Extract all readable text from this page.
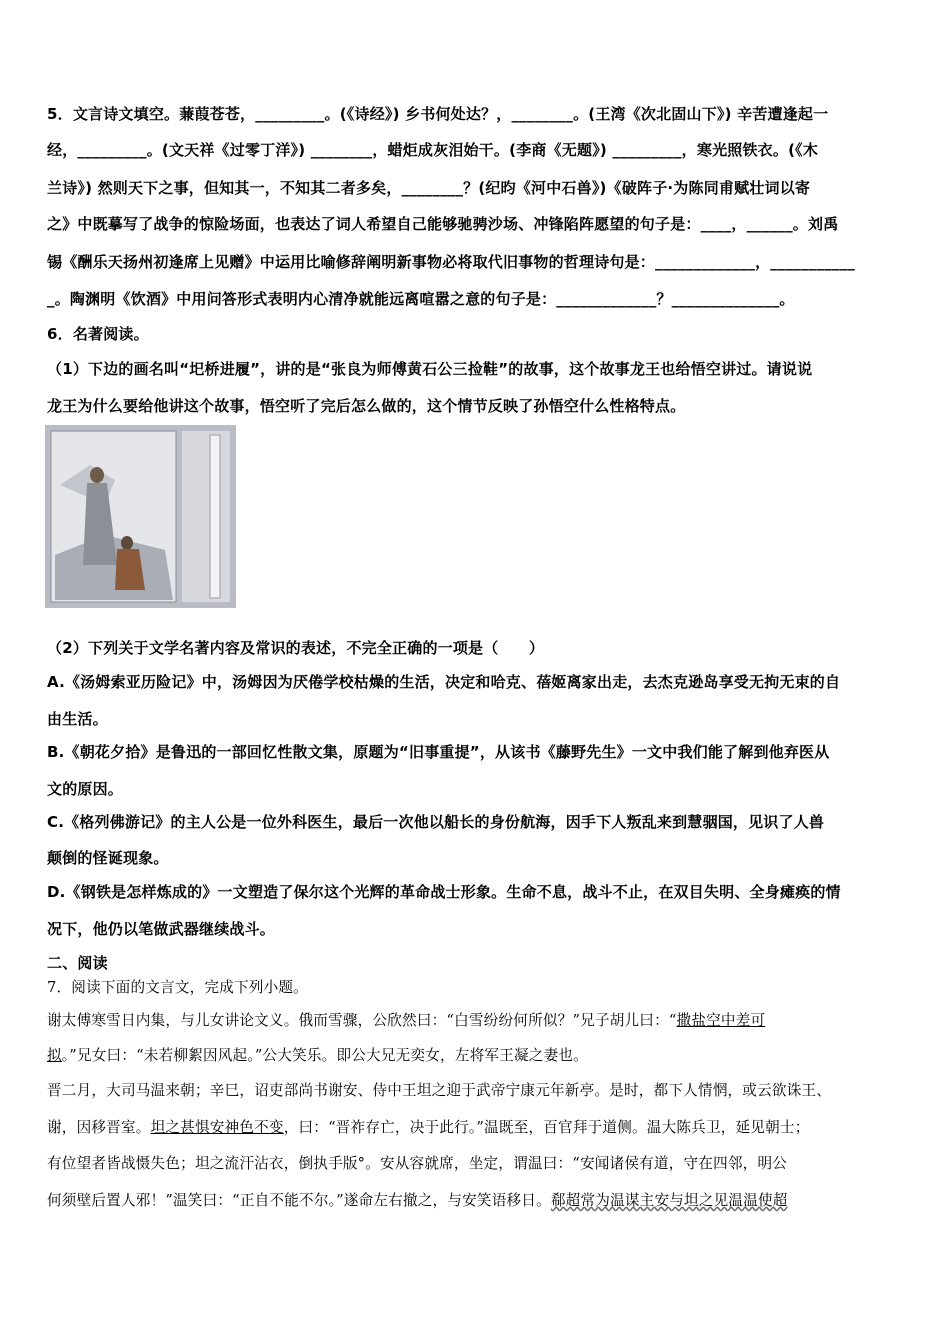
5．文言诗文填空。蒹葭苍苍，_________。(《诗经》) 乡书何处达？，________。(王湾《次北固山下》) 辛苦遭逢起一
经，_________。(文天祥《过零丁洋》) ________，蜡炬成灰泪始干。(李商《无题》) _________，寒光照铁衣。(《木
兰诗》) 然则天下之事，但知其一，不知其二者多矣，________？(纪昀《河中石兽》)《破阵子·为陈同甫赋壮词以寄
之》中既摹写了战争的惊险场面，也表达了词人希望自己能够驰骋沙场、冲锋陷阵愿望的句子是：____，______。刘禹
锡《酬乐天扬州初逢席上见赠》中运用比喻修辞阐明新事物必将取代旧事物的哲理诗句是：_____________，___________
_。陶渊明《饮酒》中用问答形式表明内心清净就能远离喧嚣之意的句子是：_____________？______________。
6．名著阅读。
（1）下边的画名叫“圯桥进履”，讲的是“张良为师傅黄石公三捡鞋”的故事，这个故事龙王也给悟空讲过。请说说
龙王为什么要给他讲这个故事，悟空听了完后怎么做的，这个情节反映了孙悟空什么性格特点。
（2）下列关于文学名著内容及常识的表述，不完全正确的一项是（　　）
A.《汤姆索亚历险记》中，汤姆因为厌倦学校枯燥的生活，决定和哈克、蓓姬离家出走，去杰克逊岛享受无拘无束的自
由生活。
B.《朝花夕拾》是鲁迅的一部回忆性散文集，原题为“旧事重提”，从该书《藤野先生》一文中我们能了解到他弃医从
文的原因。
C.《格列佛游记》的主人公是一位外科医生，最后一次他以船长的身份航海，因手下人叛乱来到慧骃国，见识了人兽
颠倒的怪诞现象。
D.《钢铁是怎样炼成的》一文塑造了保尔这个光辉的革命战士形象。生命不息，战斗不止，在双目失明、全身瘫痪的情
况下，他仍以笔做武器继续战斗。
二、阅读
7．阅读下面的文言文，完成下列小题。
谢太傅寒雪日内集，与儿女讲论文义。俄而雪骤，公欣然曰：“白雪纷纷何所似？”兄子胡儿曰：“撒盐空中差可
拟。”兄女曰：“未若柳絮因风起。”公大笑乐。即公大兄无奕女，左将军王凝之妻也。
晋二月，大司马温来朝；辛巳，诏吏部尚书谢安、侍中王坦之迎于武帝宁康元年新亭。是时，都下人情惘，或云欲诛王、
谢，因移晋室。坦之甚惧安神色不变，曰：“晋祚存亡，决于此行。”温既至，百官拜于道侧。温大陈兵卫，延见朝士；
有位望者皆战慑失色；坦之流汗沾衣，倒执手版°。安从容就席，坐定，谓温曰：“安闻诸侯有道，守在四邻，明公
何须壁后置人邪！”温笑曰：“正自不能不尔。”遂命左右撤之，与安笑语移日。郗超常为温谋主安与坦之见温温使超
